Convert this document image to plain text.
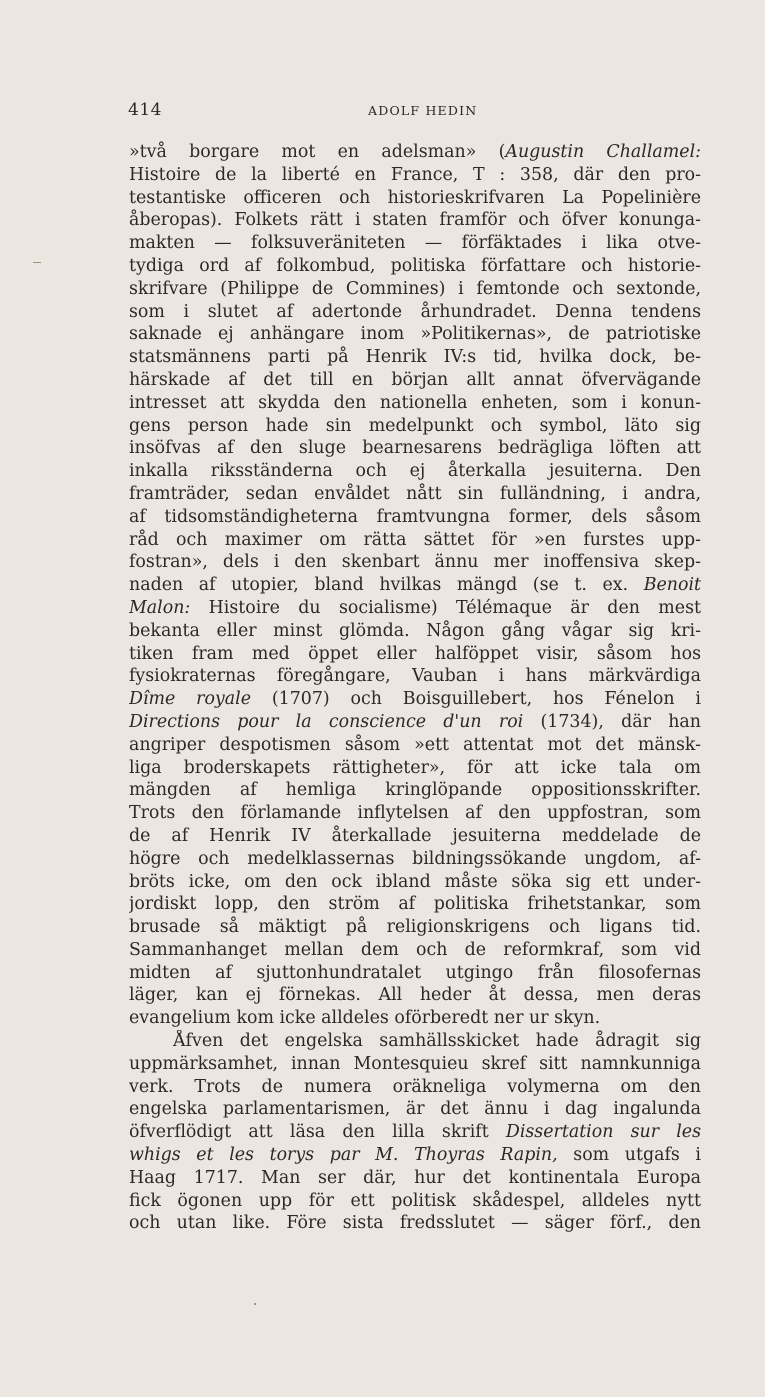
414	ADOLF HEDIN
»två borgare mot en adelsman» (Augustin Challamel:
Histoire de la liberté en France, T : 358, där den pro-
testantiske officeren och historieskrifvaren La Popelinière
åberopas). Folkets rätt i staten framför och öfver konunga-
makten — folksuveräniteten — förfäktades i lika otve-
tydiga ord af folkombud, politiska författare och historie-
skrifvare (Philippe de Commines) i femtonde och sextonde,
som i slutet af adertonde århundradet. Denna tendens
saknade ej anhängare inom »Politikernas», de patriotiske
statsmännens parti på Henrik IV:s tid, hvilka dock, be-
härskade af det till en början allt annat öfvervägande
intresset att skydda den nationella enheten, som i konun-
gens person hade sin medelpunkt och symbol, läto sig
insöfvas af den sluge bearnesarens bedrägliga löften att
inkalla riksständerna och ej återkalla jesuiterna. Den
framträder, sedan envåldet nått sin fulländning, i andra,
af tidsomständigheterna framtvungna former, dels såsom
råd och maximer om rätta sättet för »en furstes upp-
fostran», dels i den skenbart ännu mer inoffensiva skep-
naden af utopier, bland hvilkas mängd (se t. ex. Benoit
Malon: Histoire du socialisme) Télémaque är den mest
bekanta eller minst glömda. Någon gång vågar sig kri-
tiken fram med öppet eller halföppet visir, såsom hos
fysiokraternas föregångare, Vauban i hans märkvärdiga
Dîme royale (1707) och Boisguillebert, hos Fénelon i
Directions pour la conscience d'un roi (1734), där han
angriper despotismen såsom »ett attentat mot det mänsk-
liga broderskapets rättigheter», för att icke tala om
mängden af hemliga kringlöpande oppositionsskrifter.
Trots den förlamande inflytelsen af den uppfostran, som
de af Henrik IV återkallade jesuiterna meddelade de
högre och medelklassernas bildningssökande ungdom, af-
bröts icke, om den ock ibland måste söka sig ett under-
jordiskt lopp, den ström af politiska frihetstankar, som
brusade så mäktigt på religionskrigens och ligans tid.
Sammanhanget mellan dem och de reformkraf, som vid
midten af sjuttonhundratalet utgingo från filosofernas
läger, kan ej förnekas. All heder åt dessa, men deras
evangelium kom icke alldeles oförberedt ner ur skyn.
Åfven det engelska samhällsskicket hade ådragit sig
uppmärksamhet, innan Montesquieu skref sitt namnkunniga
verk. Trots de numera oräkneliga volymerna om den
engelska parlamentarismen, är det ännu i dag ingalunda
öfverflödigt att läsa den lilla skrift Dissertation sur les
whigs et les torys par M. Thoyras Rapin, som utgafs i
Haag 1717. Man ser där, hur det kontinentala Europa
fick ögonen upp för ett politisk skådespel, alldeles nytt
och utan like. Före sista fredsslutet — säger förf., den
